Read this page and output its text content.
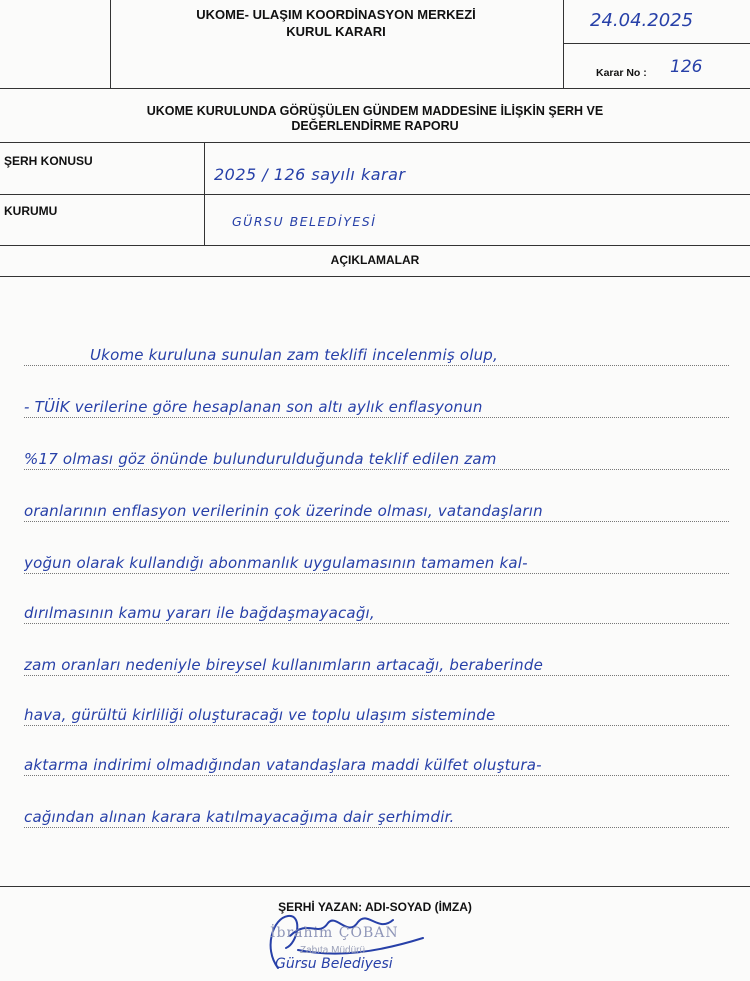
UKOME- ULAŞIM KOORDİNASYON MERKEZİ
KURUL KARARI
24.04.2025
Karar No : 126
UKOME KURULUNDA GÖRÜŞÜLEN GÜNDEM MADDESİNE İLİŞKİN ŞERH VE
DEĞERLENDİRME RAPORU
ŞERH KONUSU
2025 / 126 sayılı karar
KURUMU
GÜRSU BELEDİYESİ
AÇIKLAMALAR
Ukome kuruluna sunulan zam teklifi incelenmiş olup,
- TÜİK verilerine göre hesaplanan son altı aylık enflasyonun
%17 olması göz önünde bulundurulduğunda teklif edilen zam
oranlarının enflasyon verilerinin çok üzerinde olması, vatandaşların
yoğun olarak kullandığı abonmanlık uygulamasının tamamen kal-
dırılmasının kamu yararı ile bağdaşmayacağı,
zam oranları nedeniyle bireysel kullanımların artacağı, beraberinde
hava, gürültü kirliliği oluşturacağı ve toplu ulaşım sisteminde
aktarma indirimi olmadığından vatandaşlara maddi külfet oluştura-
cağından alınan karara katılmayacağıma dair şerhimdir.
ŞERHİ YAZAN: ADI-SOYAD (İMZA)
İbrahim ÇOBAN
Zabıta Müdürü
Gürsu Belediyesi
